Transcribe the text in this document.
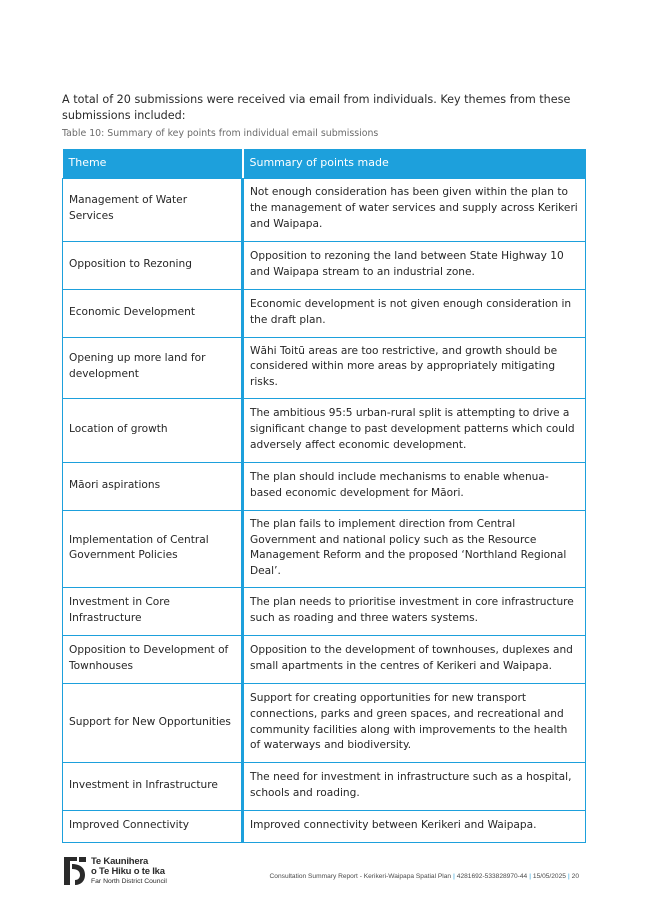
A total of 20 submissions were received via email from individuals. Key themes from these submissions included:

Table 10: Summary of key points from individual email submissions

Theme	Summary of points made
Management of Water Services	Not enough consideration has been given within the plan to the management of water services and supply across Kerikeri and Waipapa.
Opposition to Rezoning	Opposition to rezoning the land between State Highway 10 and Waipapa stream to an industrial zone.
Economic Development	Economic development is not given enough consideration in the draft plan.
Opening up more land for development	Wāhi Toitū areas are too restrictive, and growth should be considered within more areas by appropriately mitigating risks.
Location of growth	The ambitious 95:5 urban-rural split is attempting to drive a significant change to past development patterns which could adversely affect economic development.
Māori aspirations	The plan should include mechanisms to enable whenua-based economic development for Māori.
Implementation of Central Government Policies	The plan fails to implement direction from Central Government and national policy such as the Resource Management Reform and the proposed ‘Northland Regional Deal’.
Investment in Core Infrastructure	The plan needs to prioritise investment in core infrastructure such as roading and three waters systems.
Opposition to Development of Townhouses	Opposition to the development of townhouses, duplexes and small apartments in the centres of Kerikeri and Waipapa.
Support for New Opportunities	Support for creating opportunities for new transport connections, parks and green spaces, and recreational and community facilities along with improvements to the health of waterways and biodiversity.
Investment in Infrastructure	The need for investment in infrastructure such as a hospital, schools and roading.
Improved Connectivity	Improved connectivity between Kerikeri and Waipapa.
Te Kaunihera
o Te Hiku o te Ika
Far North District Council
Consultation Summary Report - Kerikeri-Waipapa Spatial Plan | 4281692-533828970-44 | 15/05/2025 | 20
